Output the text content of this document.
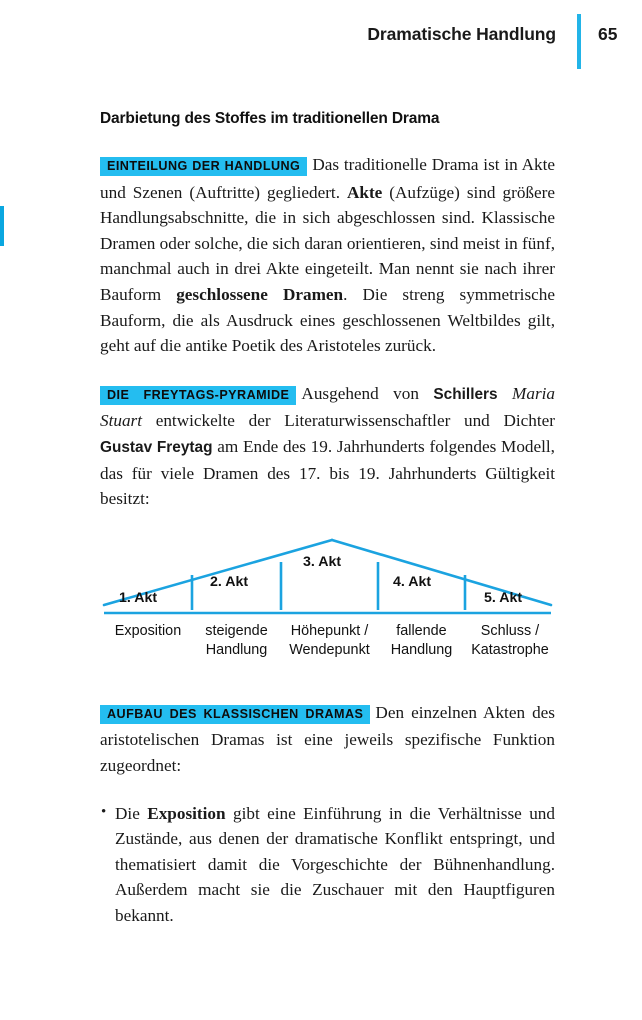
Dramatische Handlung 65
Darbietung des Stoffes im traditionellen Drama

EINTEILUNG DER HANDLUNG Das traditionelle Drama ist in Akte und Szenen (Auftritte) gegliedert. Akte (Aufzüge) sind größere Handlungsabschnitte, die in sich abgeschlossen sind. Klassische Dramen oder solche, die sich daran orientieren, sind meist in fünf, manchmal auch in drei Akte eingeteilt. Man nennt sie nach ihrer Bauform geschlossene Dramen. Die streng symmetrische Bauform, die als Ausdruck eines geschlossenen Weltbildes gilt, geht auf die antike Poetik des Aristoteles zurück.

DIE FREYTAGS-PYRAMIDE Ausgehend von Schillers Maria Stuart entwickelte der Literaturwissenschaftler und Dichter Gustav Freytag am Ende des 19. Jahrhunderts folgendes Modell, das für viele Dramen des 17. bis 19. Jahrhunderts Gültigkeit besitzt:

1. Akt
2. Akt
3. Akt
4. Akt
5. Akt
Exposition	steigende
Handlung
Höhepunkt /
Wendepunkt
fallende
Handlung
Schluss /
Katastrophe

AUFBAU DES KLASSISCHEN DRAMAS Den einzelnen Akten des aristotelischen Dramas ist eine jeweils spezifische Funktion zugeordnet:

• Die Exposition gibt eine Einführung in die Verhältnisse und Zustände, aus denen der dramatische Konflikt entspringt, und thematisiert damit die Vorgeschichte der Bühnenhandlung. Außerdem macht sie die Zuschauer mit den Hauptfiguren bekannt.
